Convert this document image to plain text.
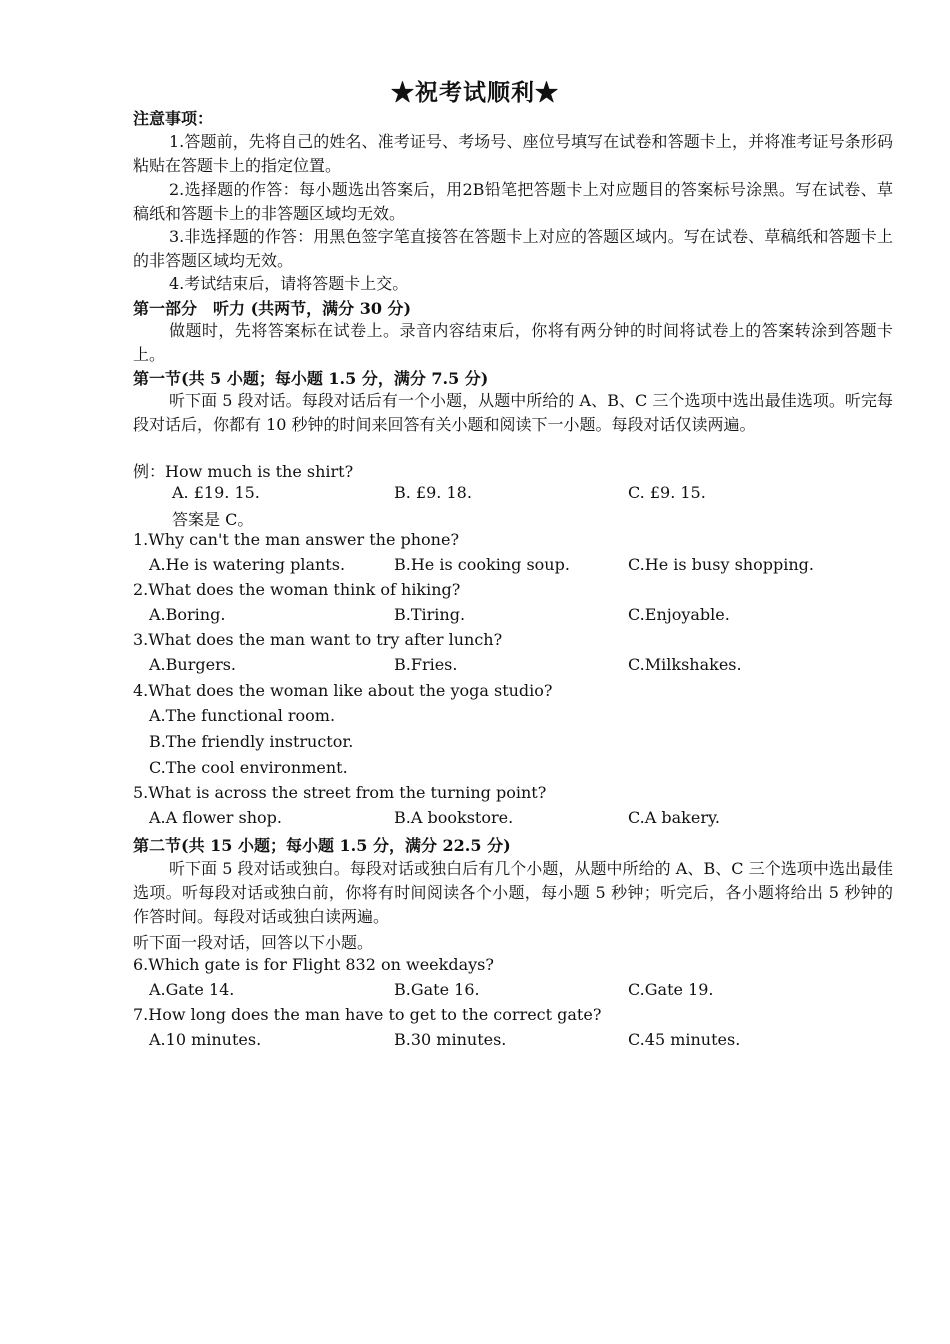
★祝考试顺利★
注意事项：
1.答题前，先将自己的姓名、准考证号、考场号、座位号填写在试卷和答题卡上，并将准考证号条形码粘贴在答题卡上的指定位置。
2.选择题的作答：每小题选出答案后，用2B铅笔把答题卡上对应题目的答案标号涂黑。写在试卷、草稿纸和答题卡上的非答题区域均无效。
3.非选择题的作答：用黑色签字笔直接答在答题卡上对应的答题区域内。写在试卷、草稿纸和答题卡上的非答题区域均无效。
4.考试结束后，请将答题卡上交。
第一部分　听力 (共两节，满分 30 分)
做题时，先将答案标在试卷上。录音内容结束后，你将有两分钟的时间将试卷上的答案转涂到答题卡上。
第一节(共 5 小题；每小题 1.5 分，满分 7.5 分)
听下面 5 段对话。每段对话后有一个小题，从题中所给的 A、B、C 三个选项中选出最佳选项。听完每段对话后，你都有 10 秒钟的时间来回答有关小题和阅读下一小题。每段对话仅读两遍。
例：How much is the shirt?
A. £19. 15.	B. £9. 18.	C. £9. 15.
答案是 C。
1.Why can't the man answer the phone?
A.He is watering plants.	B.He is cooking soup.	C.He is busy shopping.
2.What does the woman think of hiking?
A.Boring.	B.Tiring.	C.Enjoyable.
3.What does the man want to try after lunch?
A.Burgers.	B.Fries.	C.Milkshakes.
4.What does the woman like about the yoga studio?
A.The functional room.
B.The friendly instructor.
C.The cool environment.
5.What is across the street from the turning point?
A.A flower shop.	B.A bookstore.	C.A bakery.
第二节(共 15 小题；每小题 1.5 分，满分 22.5 分)
听下面 5 段对话或独白。每段对话或独白后有几个小题，从题中所给的 A、B、C 三个选项中选出最佳选项。听每段对话或独白前，你将有时间阅读各个小题，每小题 5 秒钟；听完后，各小题将给出 5 秒钟的作答时间。每段对话或独白读两遍。
听下面一段对话，回答以下小题。
6.Which gate is for Flight 832 on weekdays?
A.Gate 14.	B.Gate 16.	C.Gate 19.
7.How long does the man have to get to the correct gate?
A.10 minutes.	B.30 minutes.	C.45 minutes.
